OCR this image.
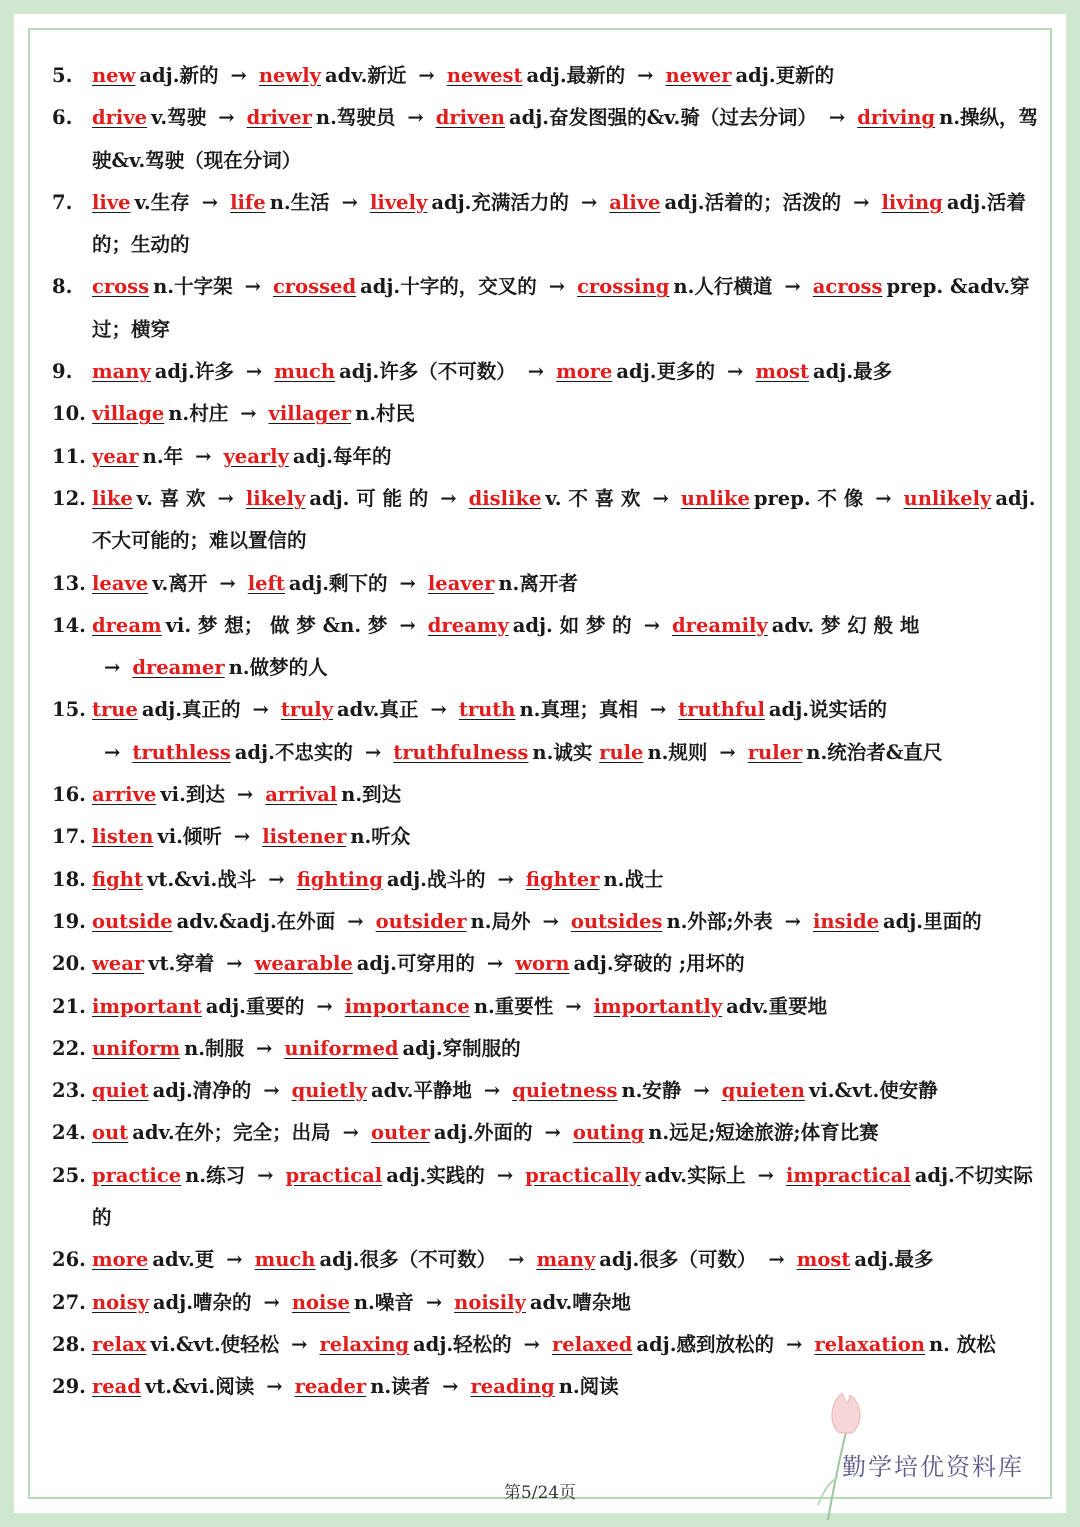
5. new adj.新的 → newly adv.新近 → newest adj.最新的 → newer adj.更新的
6. drive v.驾驶 → driver n.驾驶员 → driven adj.奋发图强的&v.骑（过去分词） → driving n.操纵，驾驶&v.驾驶（现在分词）
7. live v.生存 → life n.生活 → lively adj.充满活力的 → alive adj.活着的；活泼的 → living adj.活着的；生动的
8. cross n.十字架 → crossed adj.十字的，交叉的 → crossing n.人行横道 → across prep. &adv.穿过；横穿
9. many adj.许多 → much adj.许多（不可数） → more adj.更多的 → most adj.最多
10. village n.村庄 → villager n.村民
11. year n.年 → yearly adj.每年的
12. like v. 喜 欢 → likely adj. 可 能 的 → dislike v. 不 喜 欢 → unlike prep. 不 像 → unlikely adj.不大可能的；难以置信的
13. leave v.离开 → left adj.剩下的 → leaver n.离开者
14. dream vi. 梦 想； 做 梦 &n. 梦 → dreamy adj. 如 梦 的 → dreamily adv. 梦 幻 般 地→ dreamer n.做梦的人
15. true adj.真正的 → truly adv.真正 → truth n.真理；真相 → truthful adj.说实话的→ truthless adj.不忠实的 → truthfulness n.诚实 rule n.规则 → ruler n.统治者&直尺
16. arrive vi.到达 → arrival n.到达
17. listen vi.倾听 → listener n.听众
18. fight vt.&vi.战斗 → fighting adj.战斗的 → fighter n.战士
19. outside adv.&adj.在外面 → outsider n.局外 → outsides n.外部;外表 → inside adj.里面的
20. wear vt.穿着 → wearable adj.可穿用的 → worn adj.穿破的 ;用坏的
21. important adj.重要的 → importance n.重要性 → importantly adv.重要地
22. uniform n.制服 → uniformed adj.穿制服的
23. quiet adj.清净的 → quietly adv.平静地 → quietness n.安静 → quieten vi.&vt.使安静
24. out adv.在外；完全；出局 → outer adj.外面的 → outing n.远足;短途旅游;体育比赛
25. practice n.练习 → practical adj.实践的 → practically adv.实际上 → impractical adj.不切实际的
26. more adv.更 → much adj.很多（不可数） → many adj.很多（可数） → most adj.最多
27. noisy adj.嘈杂的 → noise n.噪音 → noisily adv.嘈杂地
28. relax vi.&vt.使轻松 → relaxing adj.轻松的 → relaxed adj.感到放松的 → relaxation n. 放松
29. read vt.&vi.阅读 → reader n.读者 → reading n.阅读
勤学培优资料库
第5/24页
